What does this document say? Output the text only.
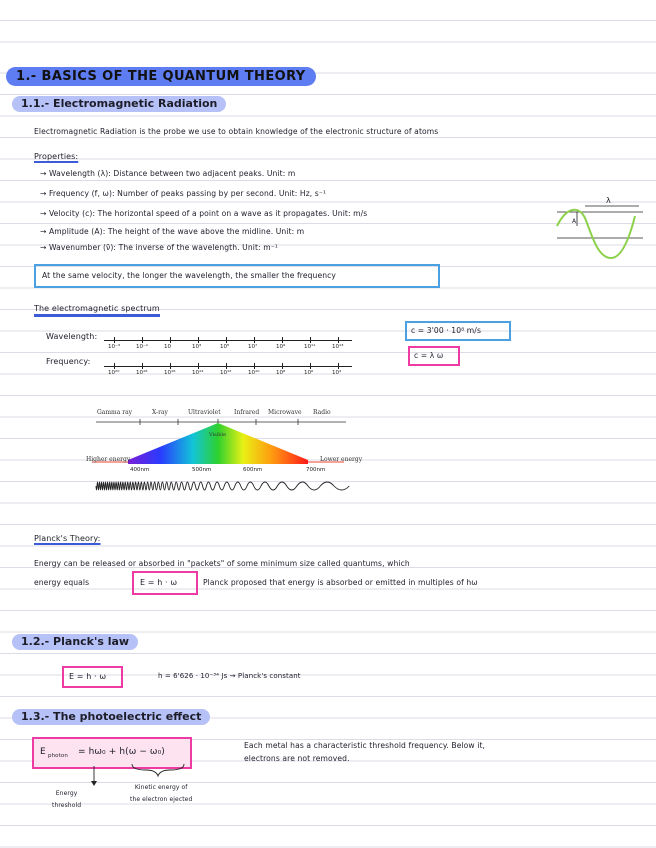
1.- BASICS OF THE QUANTUM THEORY
1.1.- Electromagnetic Radiation
Electromagnetic Radiation is the probe we use to obtain knowledge of the electronic structure of atoms
Properties:
→ Wavelength (λ): Distance between two adjacent peaks. Unit: m
→ Frequency (f, ω): Number of peaks passing by per second. Unit: Hz, s⁻¹
→ Velocity (c): The horizontal speed of a point on a wave as it propagates. Unit: m/s
→ Amplitude (A): The height of the wave above the midline. Unit: m
→ Wavenumber (ν̃): The inverse of the wavelength. Unit: m⁻¹
λ
A
At the same velocity, the longer the wavelength, the smaller the frequency
The electromagnetic spectrum
Wavelength:
Frequency:
10⁻³	10⁻¹	10	10³	10⁵	10⁷	10⁹	10¹¹	10¹³
10²⁰	10¹⁸	10¹⁶	10¹⁴	10¹²	10¹⁰	10⁸	10⁶	10⁴
c = 3'00 · 10⁸ m/s
c = λ ω
Gamma ray	X-ray	Ultraviolet Infrared Microwave Radio
Visible
Higher energy	Lower energy
400nm	500nm	600nm	700nm
Planck's Theory:
Energy can be released or absorbed in "packets" of some minimum size called quantums, which
energy equals	E = h · ω	Planck proposed that energy is absorbed or emitted in multiples of hω
1.2.- Planck's law
E = h · ω	h = 6'626 · 10⁻³⁴ Js → Planck's constant
1.3.- The photoelectric effect
E photon = hω₀ + h(ω − ω₀)
Energy
threshold
Kinetic energy of
the electron ejected
Each metal has a characteristic threshold frequency. Below it,
electrons are not removed.
